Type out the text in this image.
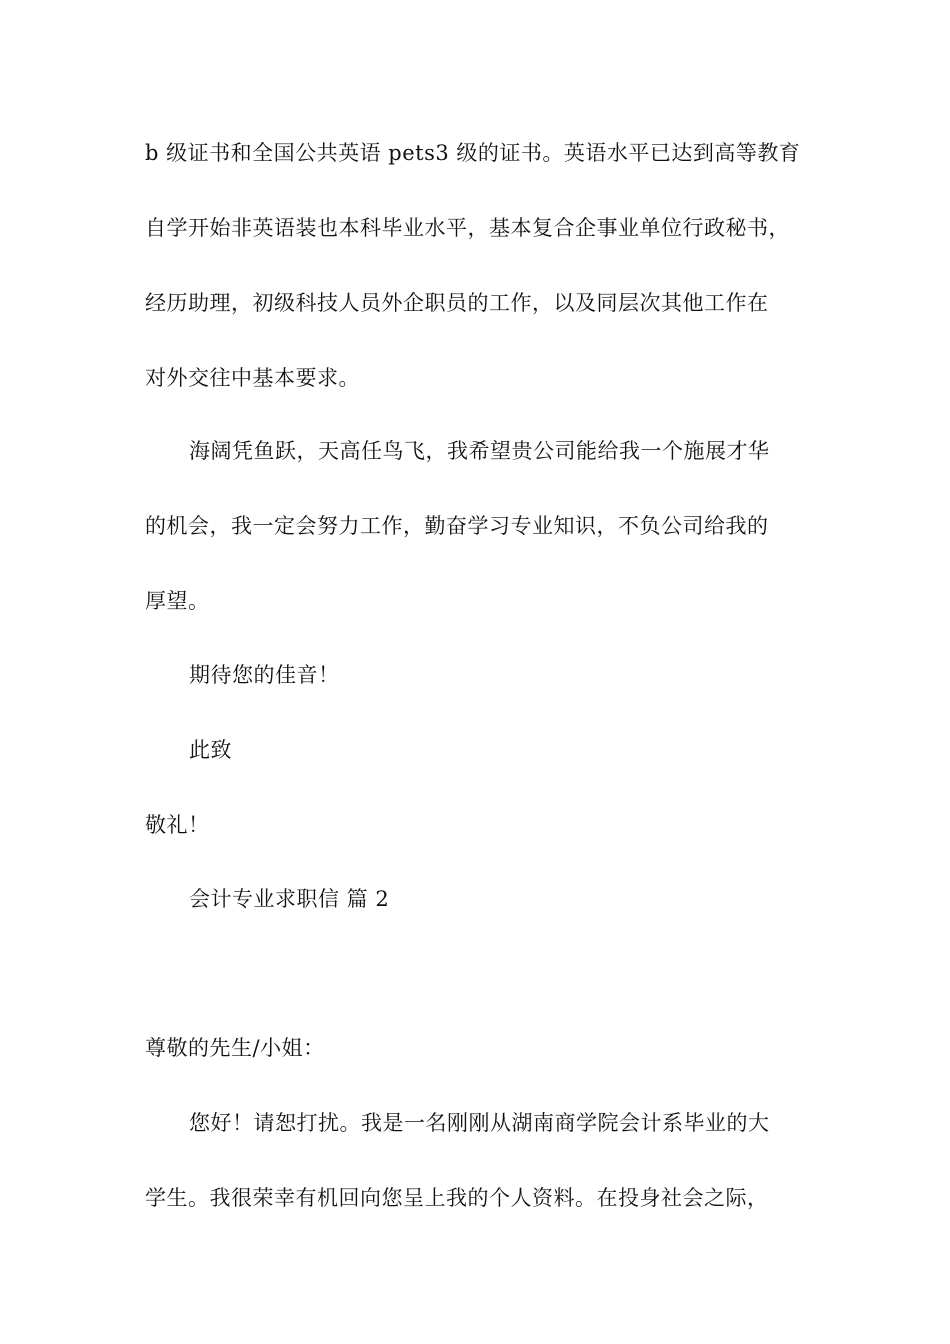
b 级证书和全国公共英语 pets3 级的证书。英语水平已达到高等教育
自学开始非英语装也本科毕业水平，基本复合企事业单位行政秘书，
经历助理，初级科技人员外企职员的工作，以及同层次其他工作在
对外交往中基本要求。
海阔凭鱼跃，天高任鸟飞，我希望贵公司能给我一个施展才华
的机会，我一定会努力工作，勤奋学习专业知识，不负公司给我的
厚望。
期待您的佳音！
此致
敬礼！
会计专业求职信 篇 2
尊敬的先生/小姐：
您好！请恕打扰。我是一名刚刚从湖南商学院会计系毕业的大
学生。我很荣幸有机回向您呈上我的个人资料。在投身社会之际，
